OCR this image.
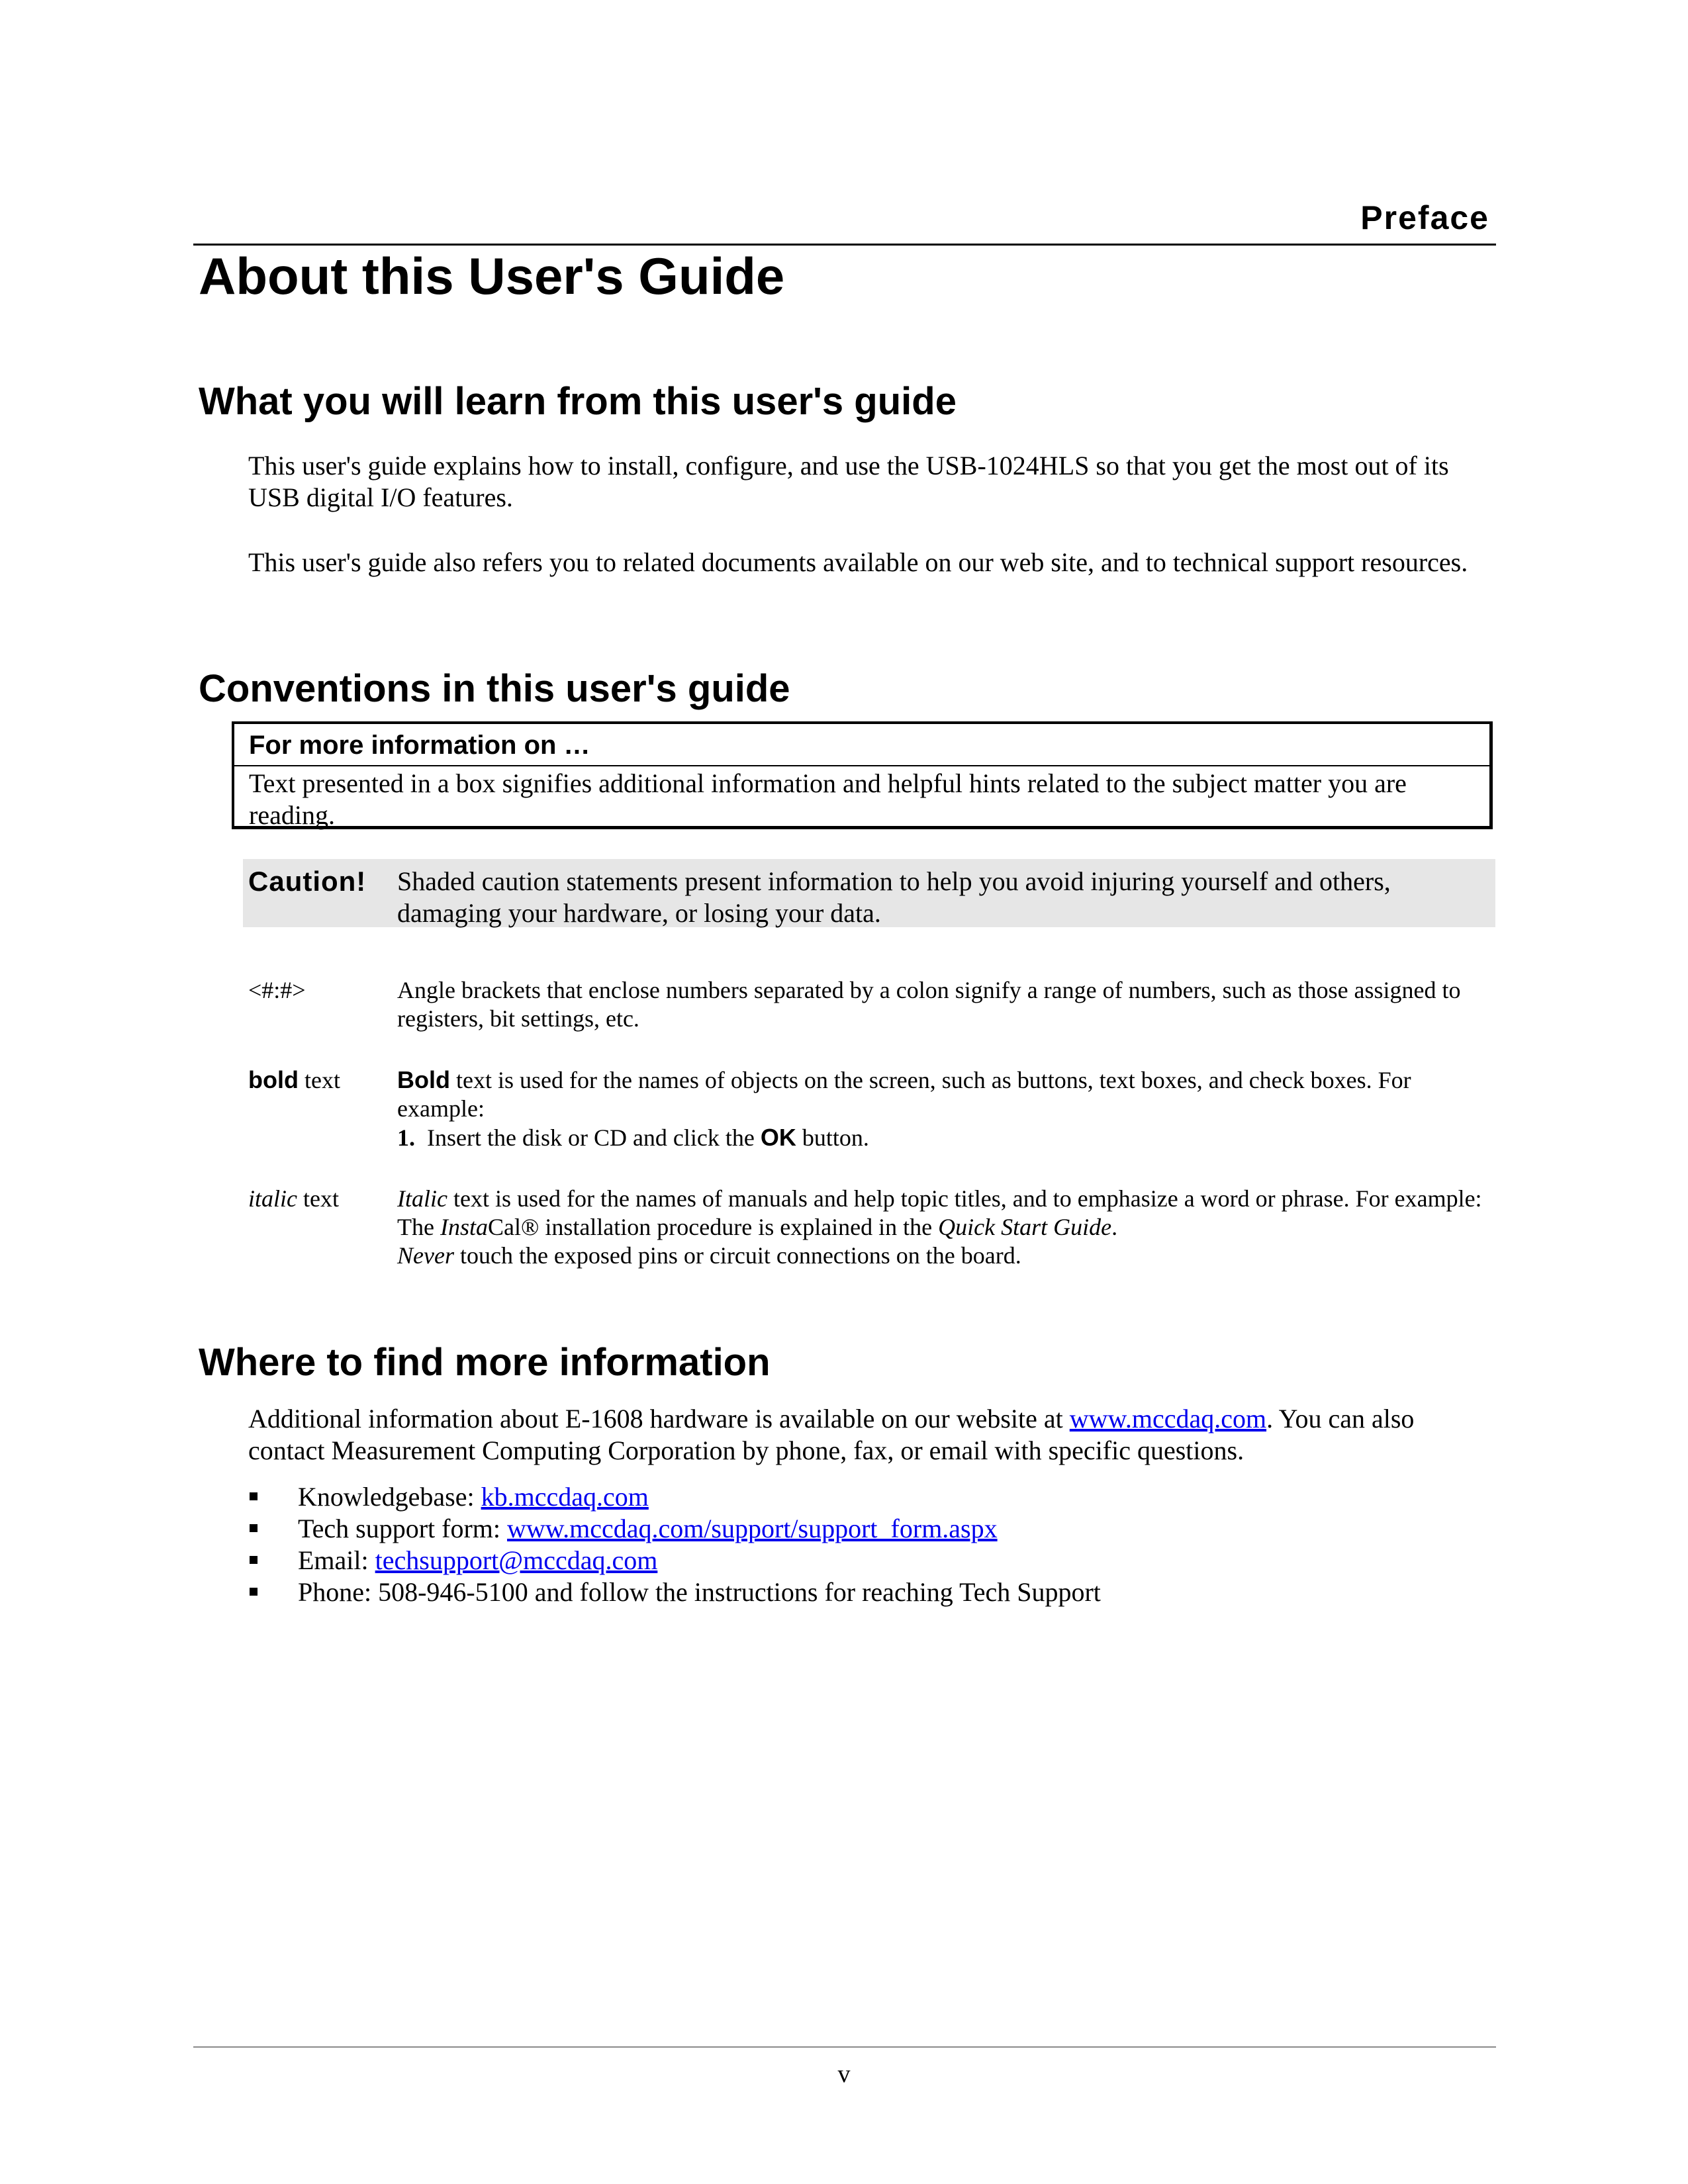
Preface
About this User's Guide
What you will learn from this user's guide

This user's guide explains how to install, configure, and use the USB-1024HLS so that you get the most out of its USB digital I/O features.

This user's guide also refers you to related documents available on our web site, and to technical support resources.

Conventions in this user's guide
For more information on …
Text presented in a box signifies additional information and helpful hints related to the subject matter you are reading.
Caution! Shaded caution statements present information to help you avoid injuring yourself and others, damaging your hardware, or losing your data.
<#:#>	Angle brackets that enclose numbers separated by a colon signify a range of numbers, such as those assigned to registers, bit settings, etc.
bold text Bold text is used for the names of objects on the screen, such as buttons, text boxes, and check boxes. For example:
1. Insert the disk or CD and click the OK button.
italic text Italic text is used for the names of manuals and help topic titles, and to emphasize a word or phrase. For example:
The InstaCal® installation procedure is explained in the Quick Start Guide.
Never touch the exposed pins or circuit connections on the board.
Where to find more information

Additional information about E-1608 hardware is available on our website at www.mccdaq.com. You can also contact Measurement Computing Corporation by phone, fax, or email with specific questions.

Knowledgebase: kb.mccdaq.com
Tech support form: www.mccdaq.com/support/support_form.aspx
Email: techsupport@mccdaq.com
Phone: 508-946-5100 and follow the instructions for reaching Tech Support
v
